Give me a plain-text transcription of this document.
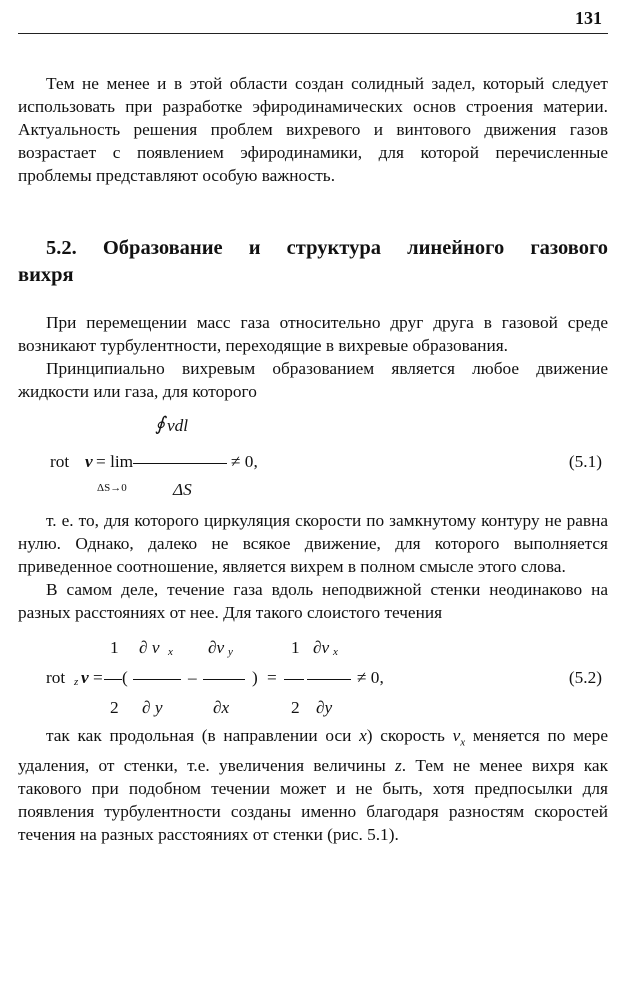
131

Тем не менее и в этой области создан солидный задел, который следует использовать при разработке эфиродинамических основ строения материи. Актуальность решения проблем вихревого и винтового движения газов возрастает с появлением эфиродинамики, для которой перечисленные проблемы представляют особую важность.

5.2. Образование и структура линейного газового вихря

При перемещении масс газа относительно друг друга в газовой среде возникают турбулентности, переходящие в вихревые образования.

Принципиально вихревым образованием является любое движение жидкости или газа, для которого

∮ vdl
rot v = lim	≠ 0,
ΔS→0	ΔS
(5.1)

т. е. то, для которого циркуляция скорости по замкнутому контуру не равна нулю. Однако, далеко не всякое движение, для которого выполняется приведенное соотношение, является вихрем в полном смысле этого слова.

В самом деле, течение газа вдоль неподвижной стенки неодинаково на разных расстояниях от нее. Для такого слоистого течения

1 ∂ v x ∂v y	1 ∂v x
rot z v = (	–	) =	≠ 0,	(5.2)
2 ∂ y	∂x	2 ∂y

так как продольная (в направлении оси x) скорость $v_x$ меняется по мере удаления, от стенки, т.е. увеличения величины z. Тем не менее вихря как такового при подобном течении может и не быть, хотя предпосылки для появления турбулентности созданы именно благодаря разностям скоростей течения на разных расстояниях от стенки (рис. 5.1).
